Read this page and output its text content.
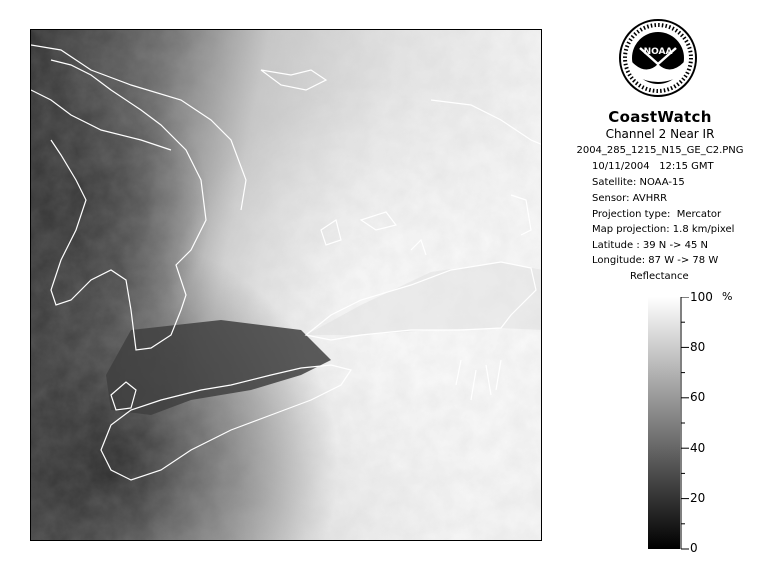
NOAA
CoastWatch
Channel 2 Near IR
2004_285_1215_N15_GE_C2.PNG
10/11/2004 12:15 GMT
Satellite: NOAA-15
Sensor: AVHRR
Projection type:  Mercator
Map projection: 1.8 km/pixel
Latitude : 39 N -> 45 N
Longitude: 87 W -> 78 W
Reflectance
100
80
60
40
20
0
%
